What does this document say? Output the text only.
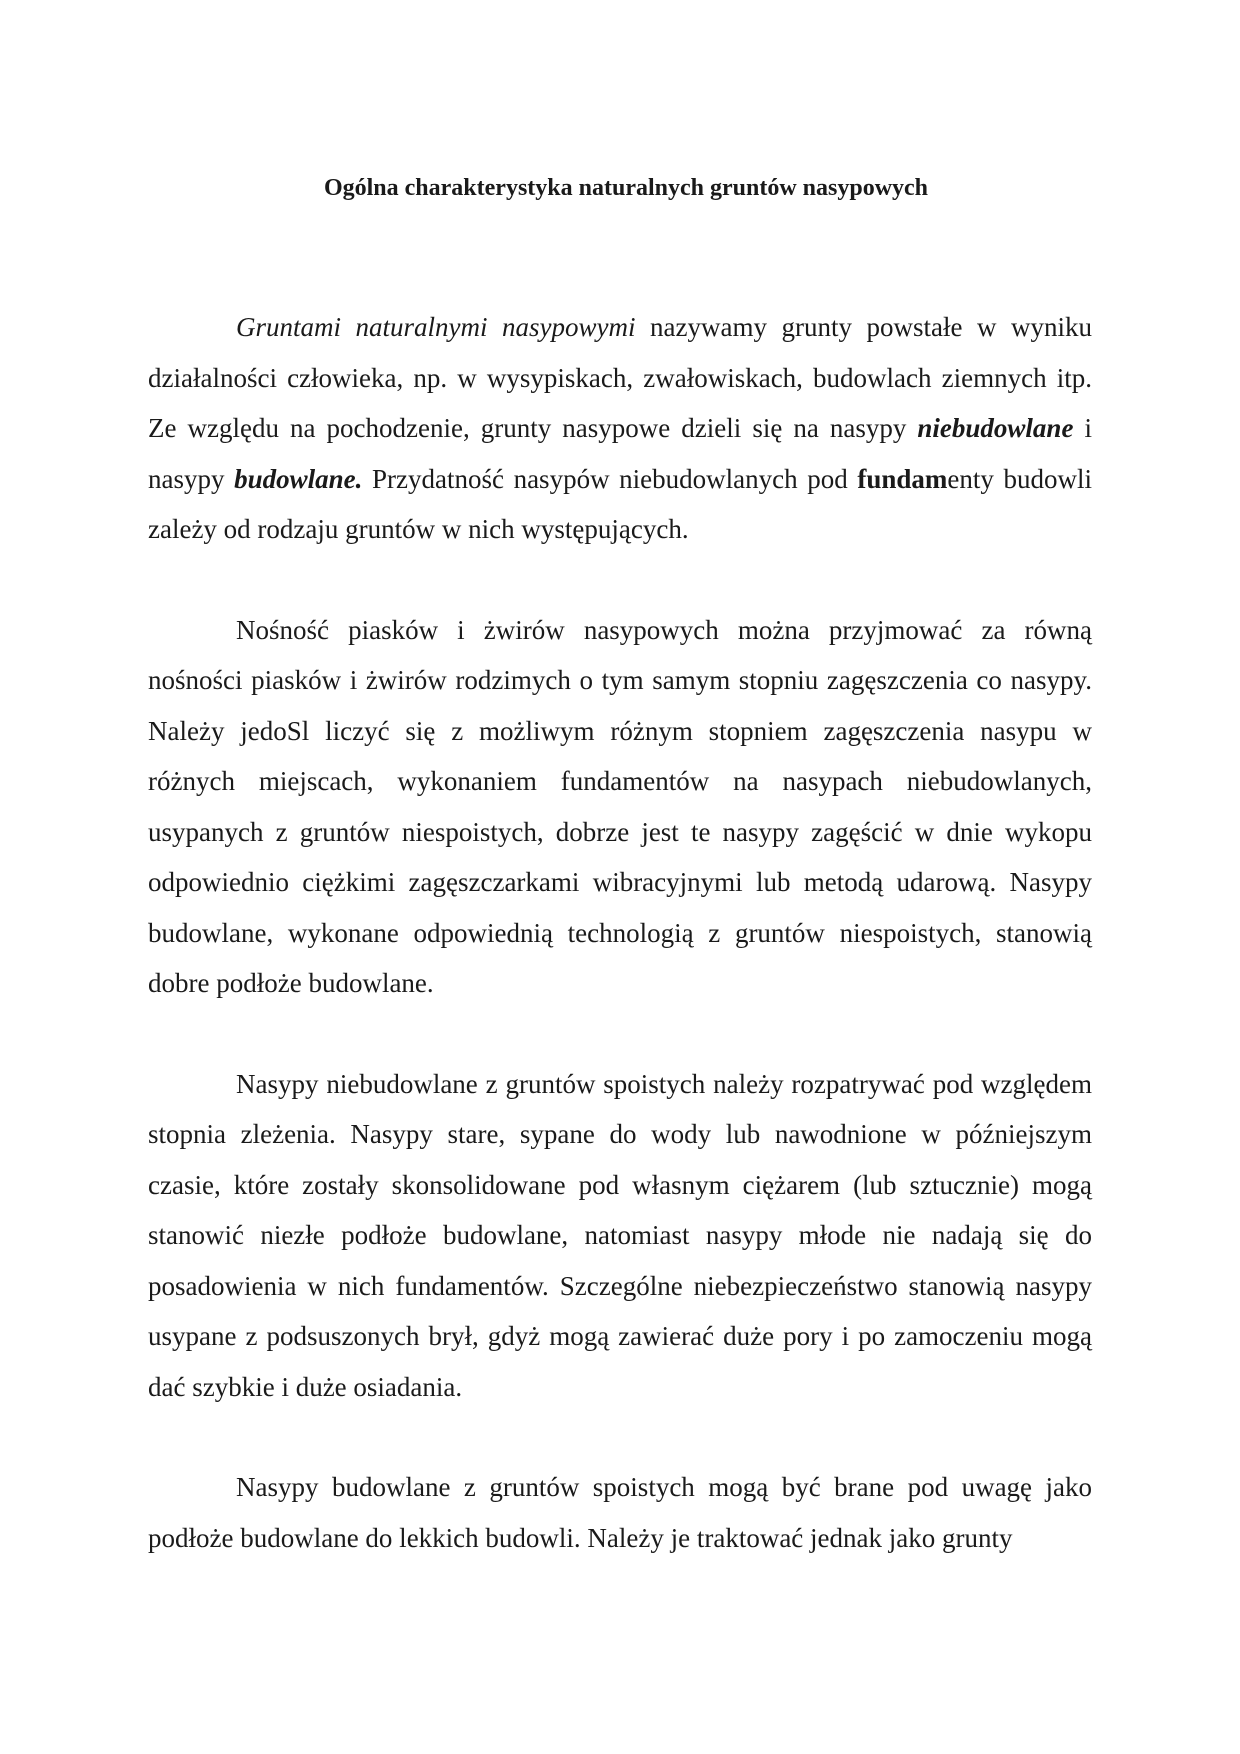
Ogólna charakterystyka naturalnych gruntów nasypowych

Gruntami naturalnymi nasypowymi nazywamy grunty powstałe w wyniku działalności człowieka, np. w wysypiskach, zwałowiskach, budowlach ziemnych itp. Ze względu na pochodzenie, grunty nasypowe dzieli się na nasypy niebudowlane i nasypy budowlane. Przydatność nasypów niebudowlanych pod fundamenty budowli zależy od rodzaju gruntów w nich występujących.

Nośność piasków i żwirów nasypowych można przyjmować za równą nośności piasków i żwirów rodzimych o tym samym stopniu zagęszczenia co nasypy. Należy jedoSl liczyć się z możliwym różnym stopniem zagęszczenia nasypu w różnych miejscach, wykonaniem fundamentów na nasypach niebudowlanych, usypanych z gruntów niespoistych, dobrze jest te nasypy zagęścić w dnie wykopu odpowiednio ciężkimi zagęszczarkami wibracyjnymi lub metodą udarową. Nasypy budowlane, wykonane odpowiednią technologią z gruntów niespoistych, stanowią dobre podłoże budowlane.

Nasypy niebudowlane z gruntów spoistych należy rozpatrywać pod względem stopnia zleżenia. Nasypy stare, sypane do wody lub nawodnione w późniejszym czasie, które zostały skonsolidowane pod własnym ciężarem (lub sztucznie) mogą stanowić niezłe podłoże budowlane, natomiast nasypy młode nie nadają się do posadowienia w nich fundamentów. Szczególne niebezpieczeństwo stanowią nasypy usypane z podsuszonych brył, gdyż mogą zawierać duże pory i po zamoczeniu mogą dać szybkie i duże osiadania.

Nasypy budowlane z gruntów spoistych mogą być brane pod uwagę jako podłoże budowlane do lekkich budowli. Należy je traktować jednak jako grunty
